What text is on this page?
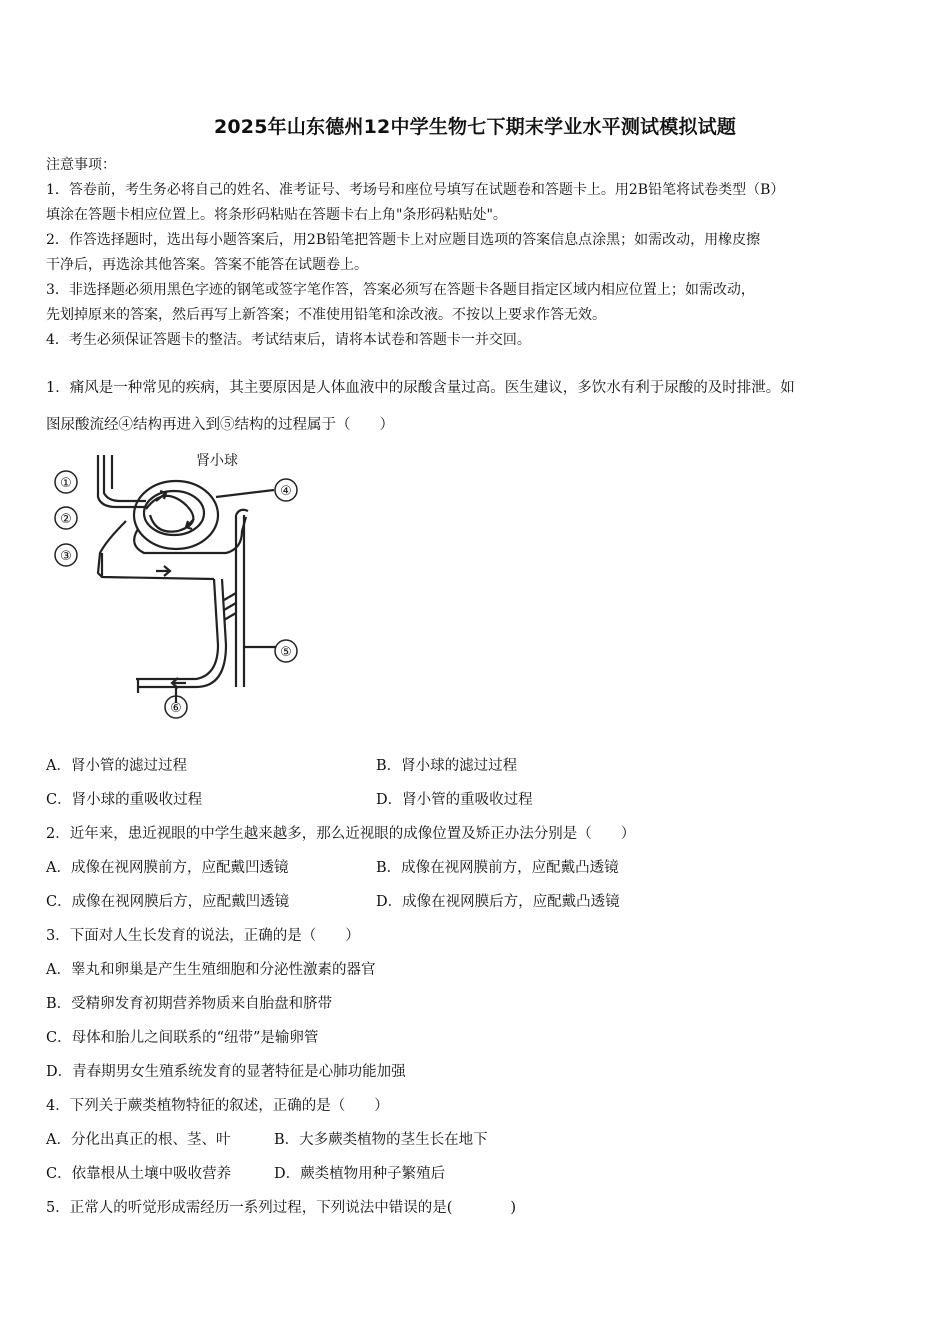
2025年山东德州12中学生物七下期末学业水平测试模拟试题
注意事项：
1．答卷前，考生务必将自己的姓名、准考证号、考场号和座位号填写在试题卷和答题卡上。用2B铅笔将试卷类型（B）
填涂在答题卡相应位置上。将条形码粘贴在答题卡右上角"条形码粘贴处"。
2．作答选择题时，选出每小题答案后，用2B铅笔把答题卡上对应题目选项的答案信息点涂黑；如需改动，用橡皮擦
干净后，再选涂其他答案。答案不能答在试题卷上。
3．非选择题必须用黑色字迹的钢笔或签字笔作答，答案必须写在答题卡各题目指定区域内相应位置上；如需改动，
先划掉原来的答案，然后再写上新答案；不准使用铅笔和涂改液。不按以上要求作答无效。
4．考生必须保证答题卡的整洁。考试结束后，请将本试卷和答题卡一并交回。
1．痛风是一种常见的疾病，其主要原因是人体血液中的尿酸含量过高。医生建议，多饮水有利于尿酸的及时排泄。如
图尿酸流经④结构再进入到⑤结构的过程属于（　　）
肾小球
①
②
③
④
⑤
⑥
A．肾小管的滤过过程	B．肾小球的滤过过程
C．肾小球的重吸收过程	D．肾小管的重吸收过程
2．近年来，患近视眼的中学生越来越多，那么近视眼的成像位置及矫正办法分别是（　　）
A．成像在视网膜前方，应配戴凹透镜	B．成像在视网膜前方，应配戴凸透镜
C．成像在视网膜后方，应配戴凹透镜	D．成像在视网膜后方，应配戴凸透镜
3．下面对人生长发育的说法，正确的是（　　）
A．睾丸和卵巢是产生生殖细胞和分泌性激素的器官
B．受精卵发育初期营养物质来自胎盘和脐带
C．母体和胎儿之间联系的“纽带”是输卵管
D．青春期男女生殖系统发育的显著特征是心肺功能加强
4．下列关于蕨类植物特征的叙述，正确的是（　　）
A．分化出真正的根、茎、叶	B．大多蕨类植物的茎生长在地下
C．依靠根从土壤中吸收营养	D．蕨类植物用种子繁殖后
5．正常人的听觉形成需经历一系列过程，下列说法中错误的是(　　　　)
